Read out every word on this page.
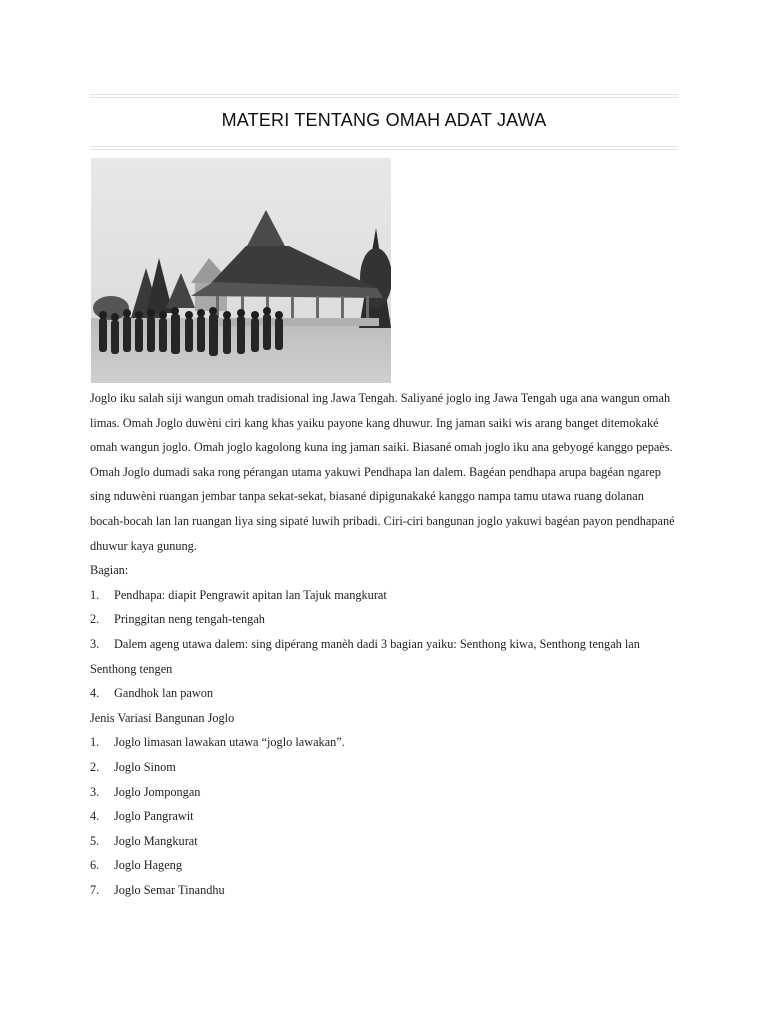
MATERI TENTANG OMAH ADAT JAWA

Joglo iku salah siji wangun omah tradisional ing Jawa Tengah. Saliyané joglo ing Jawa Tengah uga ana wangun omah limas. Omah Joglo duwèni ciri kang khas yaiku payone kang dhuwur. Ing jaman saiki wis arang banget ditemokaké omah wangun joglo. Omah joglo kagolong kuna ing jaman saiki. Biasané omah joglo iku ana gebyogé kanggo pepaès. Omah Joglo dumadi saka rong pérangan utama yakuwi Pendhapa lan dalem. Bagéan pendhapa arupa bagéan ngarep sing nduwèni ruangan jembar tanpa sekat-sekat, biasané dipigunakaké kanggo nampa tamu utawa ruang dolanan bocah-bocah lan lan ruangan liya sing sipaté luwih pribadi. Ciri-ciri bangunan joglo yakuwi bagéan payon pendhapané dhuwur kaya gunung.

Bagian:

1.	Pendhapa: diapit Pengrawit apitan lan Tajuk mangkurat
2.	Pringgitan neng tengah-tengah
3.	Dalem ageng utawa dalem: sing dipérang manèh dadi 3 bagian yaiku: Senthong kiwa, Senthong tengah lan

Senthong tengen

4.	Gandhok lan pawon

Jenis Variasi Bangunan Joglo

1.	Joglo limasan lawakan utawa “joglo lawakan”.
2.	Joglo Sinom
3.	Joglo Jompongan
4.	Joglo Pangrawit
5.	Joglo Mangkurat
6.	Joglo Hageng
7.	Joglo Semar Tinandhu
